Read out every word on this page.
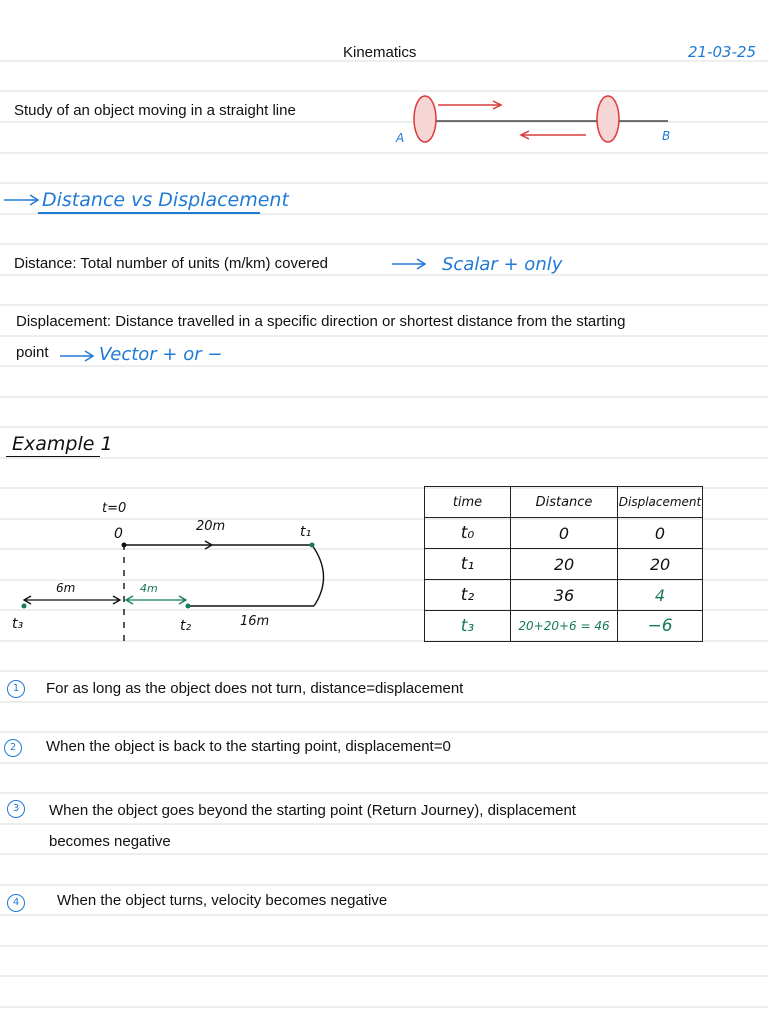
Kinematics	21-03-25
Study of an object moving in a straight line
A	B
Distance vs Displacement
Distance: Total number of units (m/km) covered	Scalar + only
Displacement: Distance travelled in a specific direction or shortest distance from the starting
point	Vector + or −
Example 1
t=0
0	20m	t₁
6m	4m
t₃	t₂	16m
time	Distance	Displacement
t₀	0	0
t₁	20	20
t₂	36	4
t₃	20+20+6 = 46	−6
1	For as long as the object does not turn, distance=displacement
2	When the object is back to the starting point, displacement=0
3	When the object goes beyond the starting point (Return Journey), displacement
becomes negative
4	When the object turns, velocity becomes negative
